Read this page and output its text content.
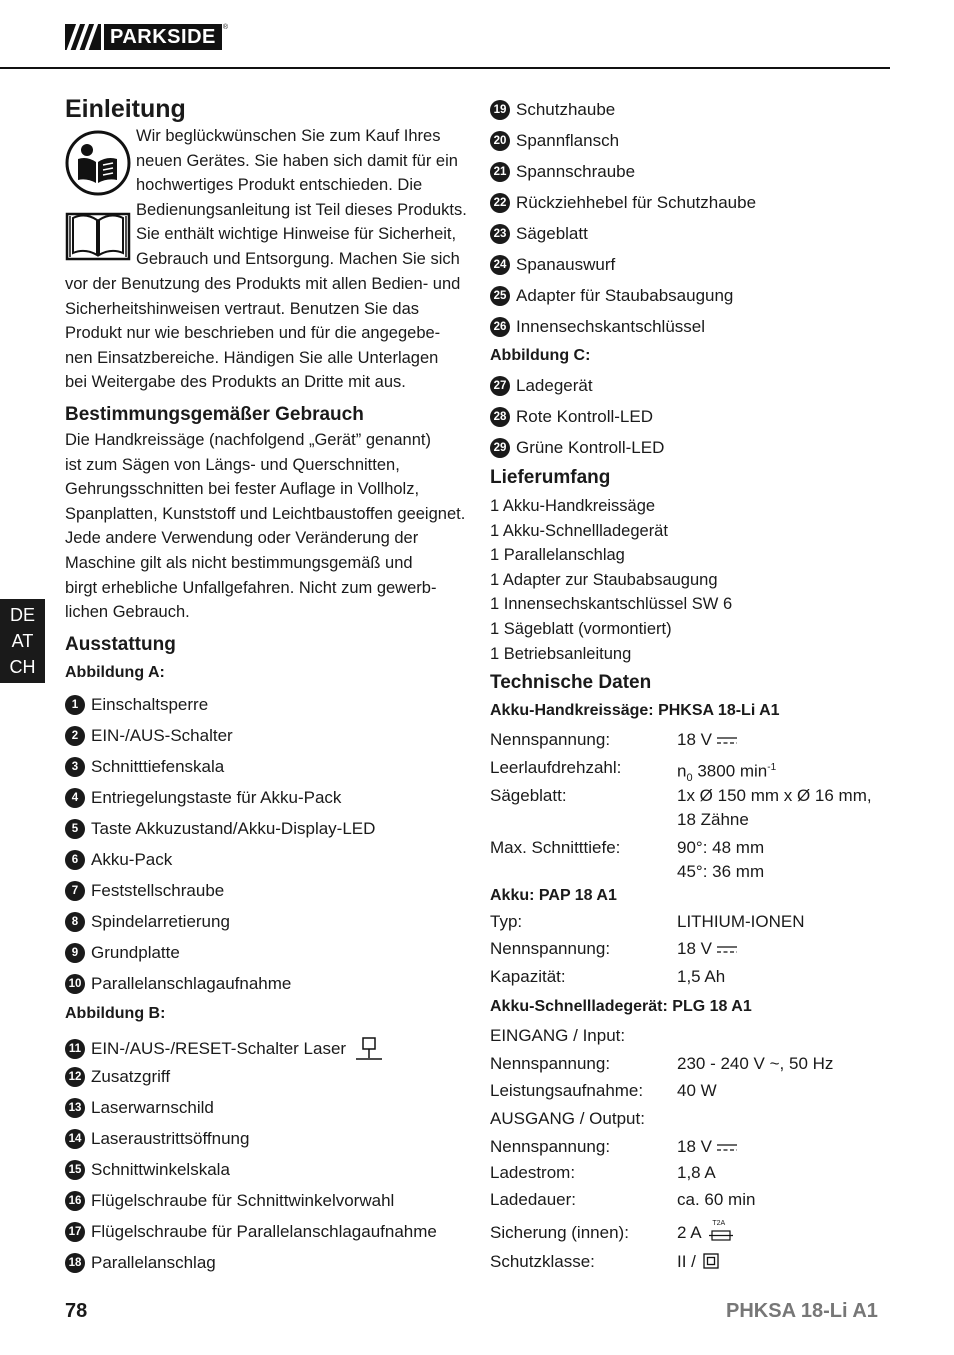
PARKSIDE	®
DE
AT
CH
Einleitung

Wir beglückwünschen Sie zum Kauf Ihres
neuen Gerätes. Sie haben sich damit für ein
hochwertiges Produkt entschieden. Die
Bedienungsanleitung ist Teil dieses Produkts.
Sie enthält wichtige Hinweise für Sicherheit,
Gebrauch und Entsorgung. Machen Sie sich
vor der Benutzung des Produkts mit allen Bedien- und
Sicherheitshinweisen vertraut. Benutzen Sie das
Produkt nur wie beschrieben und für die angegebe-
nen Einsatzbereiche. Händigen Sie alle Unterlagen
bei Weitergabe des Produkts an Dritte mit aus.
Bestimmungsgemäßer Gebrauch
Die Handkreissäge (nachfolgend „Gerät” genannt)
ist zum Sägen von Längs- und Querschnitten,
Gehrungsschnitten bei fester Auflage in Vollholz,
Spanplatten, Kunststoff und Leichtbaustoffen geeignet.
Jede andere Verwendung oder Veränderung der
Maschine gilt als nicht bestimmungsgemäß und
birgt erhebliche Unfallgefahren. Nicht zum gewerb-
lichen Gebrauch.
Ausstattung
Abbildung A:
1 Einschaltsperre
2 EIN-/AUS-Schalter
3 Schnitttiefenskala
4 Entriegelungstaste für Akku-Pack
5 Taste Akkuzustand/Akku-Display-LED
6 Akku-Pack
7 Feststellschraube
8 Spindelarretierung
9 Grundplatte
10 Parallelanschlagaufnahme
Abbildung B:
11 EIN-/AUS-/RESET-Schalter Laser
12 Zusatzgriff
13 Laserwarnschild
14 Laseraustrittsöffnung
15 Schnittwinkelskala
16 Flügelschraube für Schnittwinkelvorwahl
17 Flügelschraube für Parallelanschlagaufnahme
18 Parallelanschlag
19 Schutzhaube
20 Spannflansch
21 Spannschraube
22 Rückziehhebel für Schutzhaube
23 Sägeblatt
24 Spanauswurf
25 Adapter für Staubabsaugung
26 Innensechskantschlüssel
Abbildung C:
27 Ladegerät
28 Rote Kontroll-LED
29 Grüne Kontroll-LED
Lieferumfang
1 Akku-Handkreissäge
1 Akku-Schnellladegerät
1 Parallelanschlag
1 Adapter zur Staubabsaugung
1 Innensechskantschlüssel SW 6
1 Sägeblatt (vormontiert)
1 Betriebsanleitung
Technische Daten
Akku-Handkreissäge: PHKSA 18-Li A1
Nennspannung:	18 V
Leerlaufdrehzahl:	$n_0$ 3800 $\min^{-1}$
Sägeblatt:	1x Ø 150 mm x Ø 16 mm,
18 Zähne
Max. Schnitttiefe:	90°: 48 mm
45°: 36 mm
Akku: PAP 18 A1
Typ:	LITHIUM-IONEN
Nennspannung:	18 V
Kapazität:	1,5 Ah
Akku-Schnellladegerät: PLG 18 A1
EINGANG / Input:
Nennspannung:	230 - 240 V ~, 50 Hz
Leistungsaufnahme: 40 W
AUSGANG / Output:
Nennspannung:	18 V
Ladestrom:	1,8 A
Ladedauer:	ca. 60 min
Sicherung (innen):	2 A T2A
Schutzklasse:	II /
78	PHKSA 18-Li A1
